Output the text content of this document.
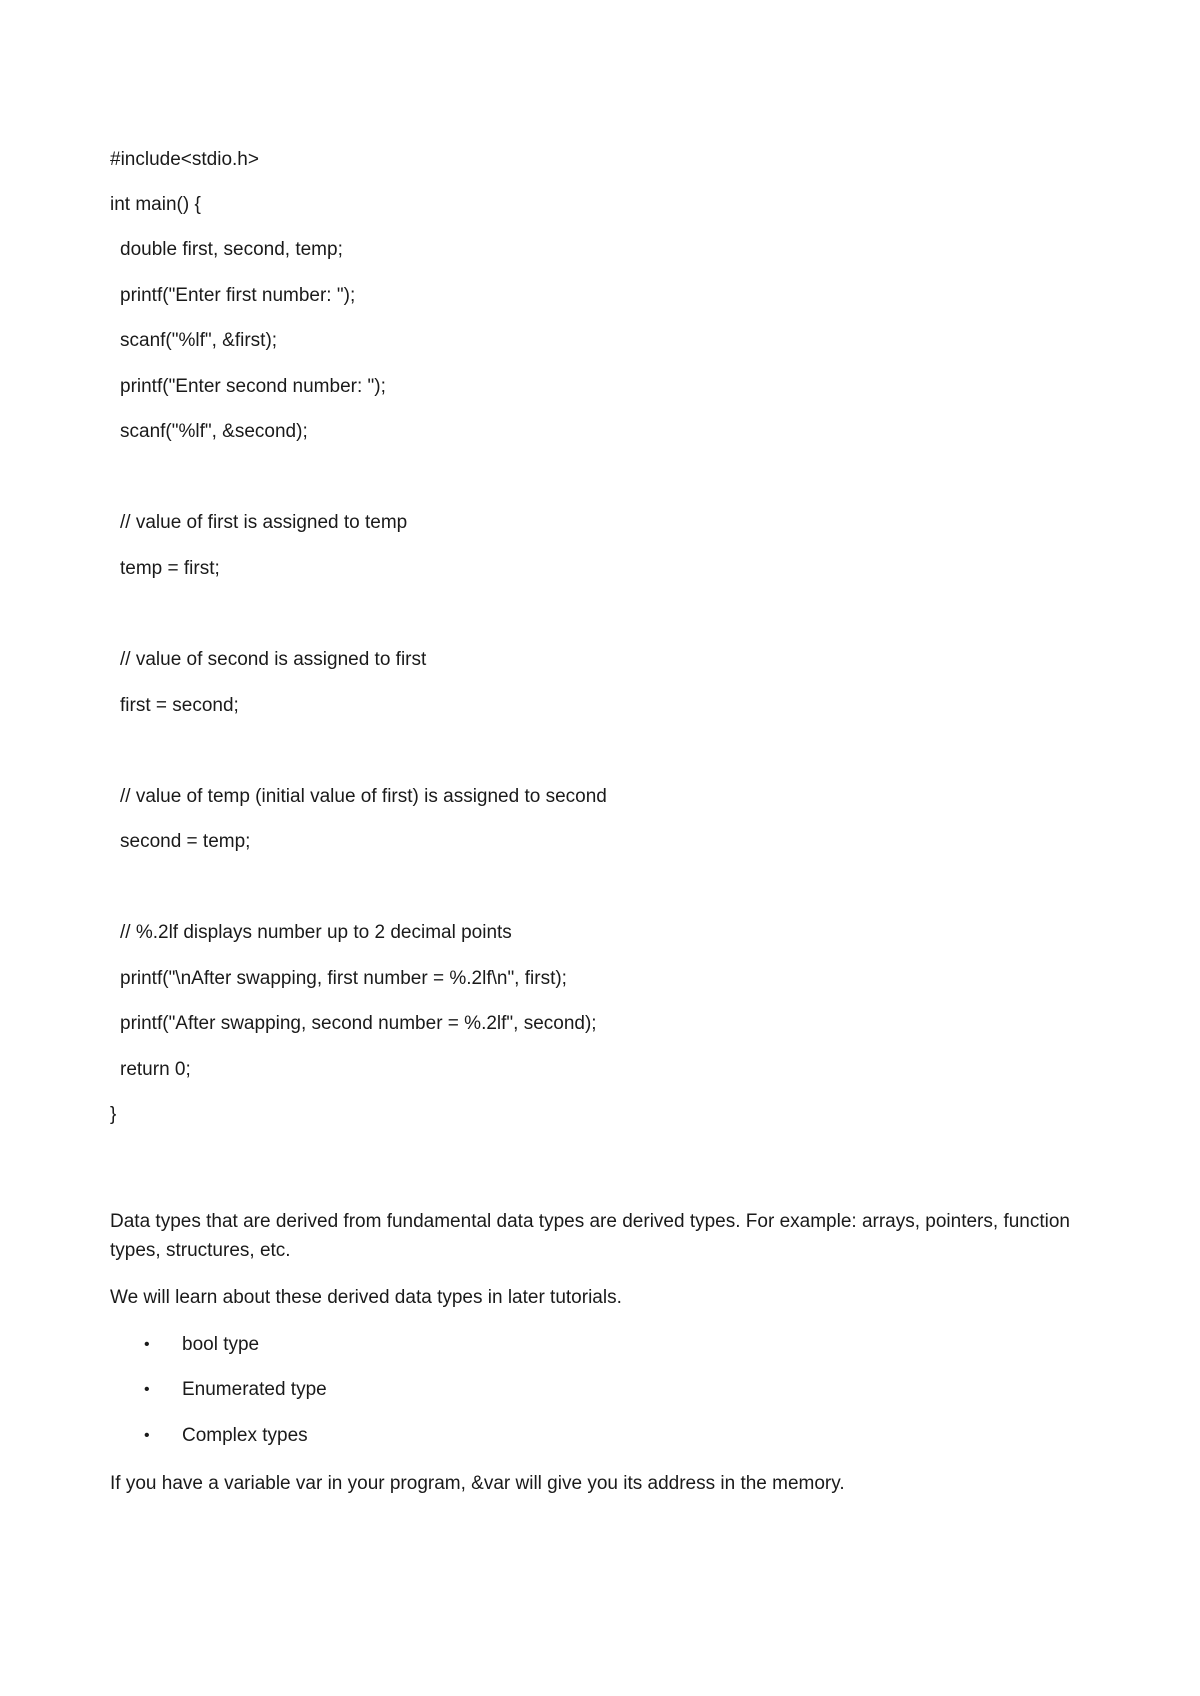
#include<stdio.h>
int main() {
double first, second, temp;
printf("Enter first number: ");
scanf("%lf", &first);
printf("Enter second number: ");
scanf("%lf", &second);
// value of first is assigned to temp
temp = first;
// value of second is assigned to first
first = second;
// value of temp (initial value of first) is assigned to second
second = temp;
// %.2lf displays number up to 2 decimal points
printf("\nAfter swapping, first number = %.2lf\n", first);
printf("After swapping, second number = %.2lf", second);
return 0;
}
Data types that are derived from fundamental data types are derived types. For example: arrays, pointers, function types, structures, etc.
We will learn about these derived data types in later tutorials.
• bool type
• Enumerated type
• Complex types
If you have a variable var in your program, &var will give you its address in the memory.
